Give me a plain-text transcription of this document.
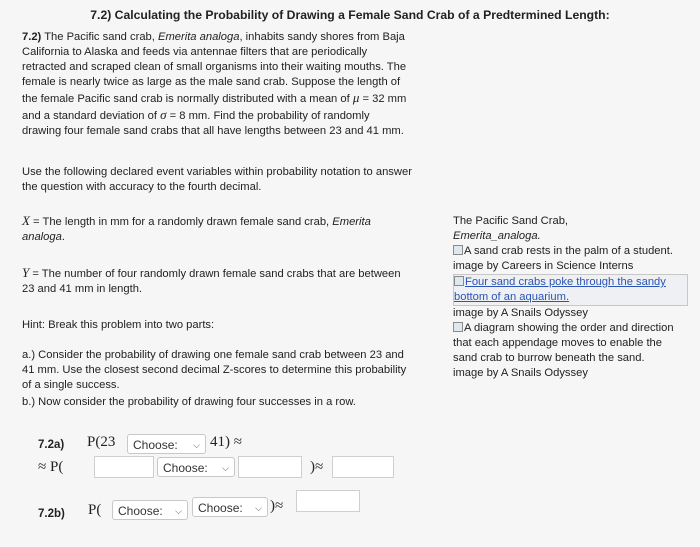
7.2) Calculating the Probability of Drawing a Female Sand Crab of a Predtermined Length:
7.2) The Pacific sand crab, Emerita analoga, inhabits sandy shores from Baja
California to Alaska and feeds via antennae filters that are periodically
retracted and scraped clean of small organisms into their waiting mouths. The
female is nearly twice as large as the male sand crab. Suppose the length of
the female Pacific sand crab is normally distributed with a mean of μ = 32 mm
and a standard deviation of σ = 8 mm. Find the probability of randomly
drawing four female sand crabs that all have lengths between 23 and 41 mm.
Use the following declared event variables within probability notation to answer
the question with accuracy to the fourth decimal.
X = The length in mm for a randomly drawn female sand crab, Emerita
analoga.
Y = The number of four randomly drawn female sand crabs that are between
23 and 41 mm in length.
Hint: Break this problem into two parts:
a.) Consider the probability of drawing one female sand crab between 23 and
41 mm. Use the closest second decimal Z-scores to determine this probability
of a single success.
b.) Now consider the probability of drawing four successes in a row.
The Pacific Sand Crab,
Emerita_analoga.
A sand crab rests in the palm of a student.
image by Careers in Science Interns
Four sand crabs poke through the sandy
bottom of an aquarium.
image by A Snails Odyssey
A diagram showing the order and direction
that each appendage moves to enable the
sand crab to burrow beneath the sand.
image by A Snails Odyssey
7.2a) P(23	Choose: ⌵ 41) ≈
≈ P(	Choose: ⌵	)≈
7.2b) P(	Choose: ⌵	Choose: ⌵ )≈
